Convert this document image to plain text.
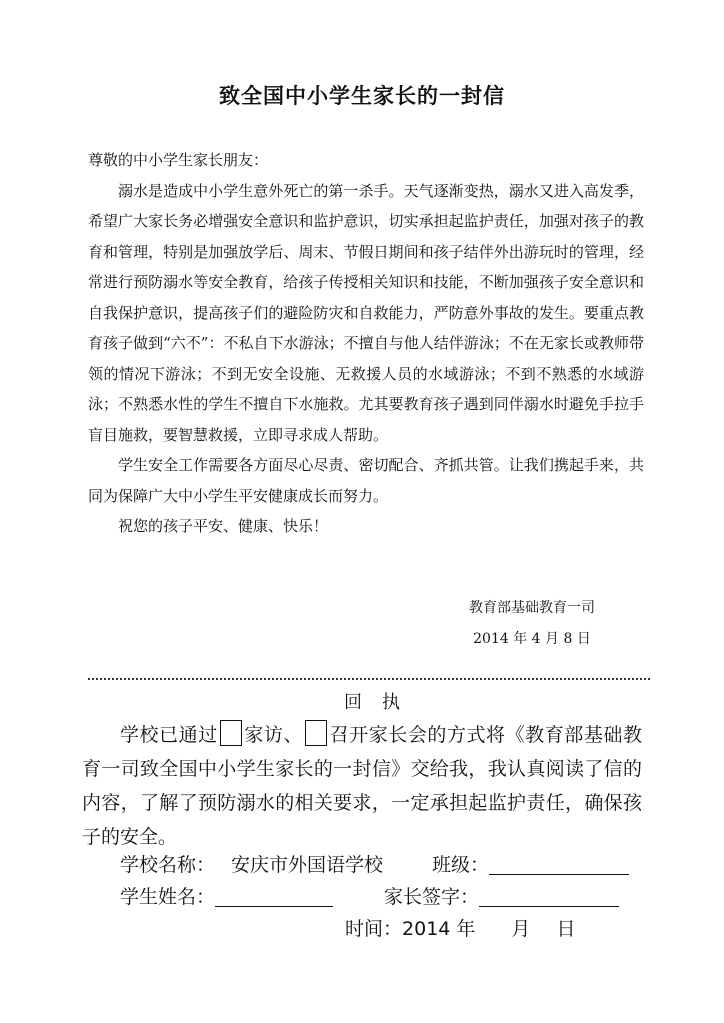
致全国中小学生家长的一封信

尊敬的中小学生家长朋友：

溺水是造成中小学生意外死亡的第一杀手。天气逐渐变热，溺水又进入高发季，希望广大家长务必增强安全意识和监护意识，切实承担起监护责任，加强对孩子的教育和管理，特别是加强放学后、周末、节假日期间和孩子结伴外出游玩时的管理，经常进行预防溺水等安全教育，给孩子传授相关知识和技能，不断加强孩子安全意识和自我保护意识，提高孩子们的避险防灾和自救能力，严防意外事故的发生。要重点教育孩子做到“六不”：不私自下水游泳；不擅自与他人结伴游泳；不在无家长或教师带领的情况下游泳；不到无安全设施、无救援人员的水域游泳；不到不熟悉的水域游泳；不熟悉水性的学生不擅自下水施救。尤其要教育孩子遇到同伴溺水时避免手拉手盲目施救，要智慧救援，立即寻求成人帮助。

学生安全工作需要各方面尽心尽责、密切配合、齐抓共管。让我们携起手来，共同为保障广大中小学生平安健康成长而努力。

祝您的孩子平安、健康、快乐！

教育部基础教育一司
2014 年 4 月 8 日
回执

学校已通过 家访、 召开家长会的方式将《教育部基础教育一司致全国中小学生家长的一封信》交给我，我认真阅读了信的内容，了解了预防溺水的相关要求，一定承担起监护责任，确保孩子的安全。

学校名称： 安庆市外国语学校	班级：
学生姓名：	家长签字：
时间：2014 年 月 日
